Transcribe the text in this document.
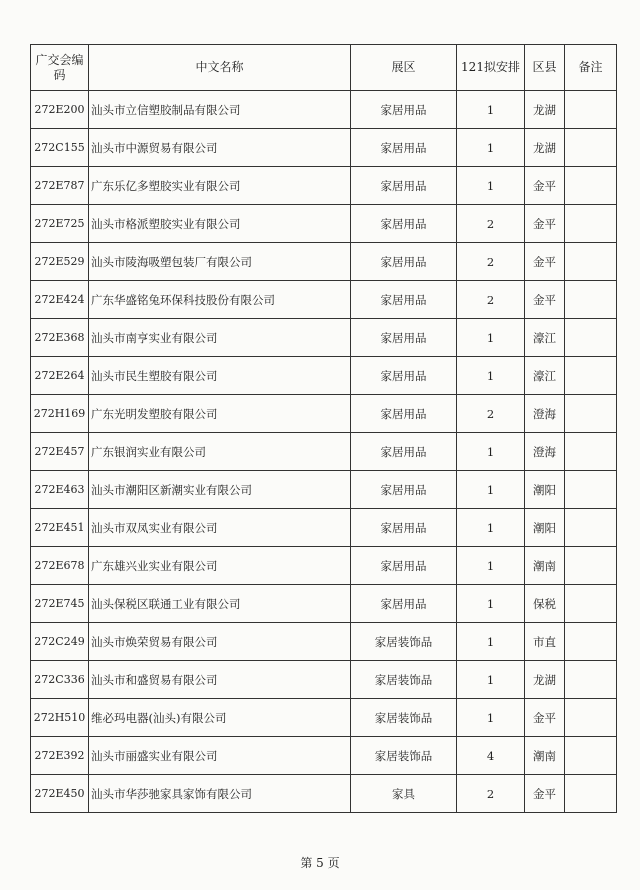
广交会编码	中文名称	展区	121拟安排	区县	备注
272E200	汕头市立信塑胶制品有限公司	家居用品	1	龙湖	
272C155	汕头市中源贸易有限公司	家居用品	1	龙湖	
272E787	广东乐亿多塑胶实业有限公司	家居用品	1	金平	
272E725	汕头市格派塑胶实业有限公司	家居用品	2	金平	
272E529	汕头市陵海吸塑包装厂有限公司	家居用品	2	金平	
272E424	广东华盛铭兔环保科技股份有限公司	家居用品	2	金平	
272E368	汕头市南亨实业有限公司	家居用品	1	濠江	
272E264	汕头市民生塑胶有限公司	家居用品	1	濠江	
272H169	广东光明发塑胶有限公司	家居用品	2	澄海	
272E457	广东银润实业有限公司	家居用品	1	澄海	
272E463	汕头市潮阳区新潮实业有限公司	家居用品	1	潮阳	
272E451	汕头市双凤实业有限公司	家居用品	1	潮阳	
272E678	广东雄兴业实业有限公司	家居用品	1	潮南	
272E745	汕头保税区联通工业有限公司	家居用品	1	保税	
272C249	汕头市焕荣贸易有限公司	家居装饰品	1	市直	
272C336	汕头市和盛贸易有限公司	家居装饰品	1	龙湖	
272H510	维必玛电器(汕头)有限公司	家居装饰品	1	金平	
272E392	汕头市丽盛实业有限公司	家居装饰品	4	潮南	
272E450	汕头市华莎驰家具家饰有限公司	家具	2	金平	
第 5 页
